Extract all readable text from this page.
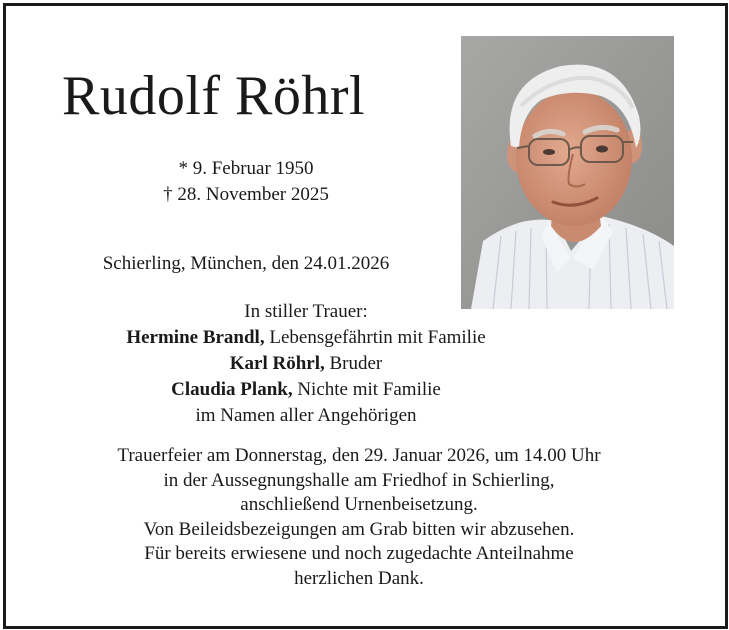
Rudolf Röhrl
* 9. Februar 1950
† 28. November 2025
Schierling, München, den 24.01.2026
In stiller Trauer:
Hermine Brandl, Lebensgefährtin mit Familie
Karl Röhrl, Bruder
Claudia Plank, Nichte mit Familie
im Namen aller Angehörigen
Trauerfeier am Donnerstag, den 29. Januar 2026, um 14.00 Uhr
in der Aussegnungshalle am Friedhof in Schierling,
anschließend Urnenbeisetzung.
Von Beileidsbezeigungen am Grab bitten wir abzusehen.
Für bereits erwiesene und noch zugedachte Anteilnahme
herzlichen Dank.
